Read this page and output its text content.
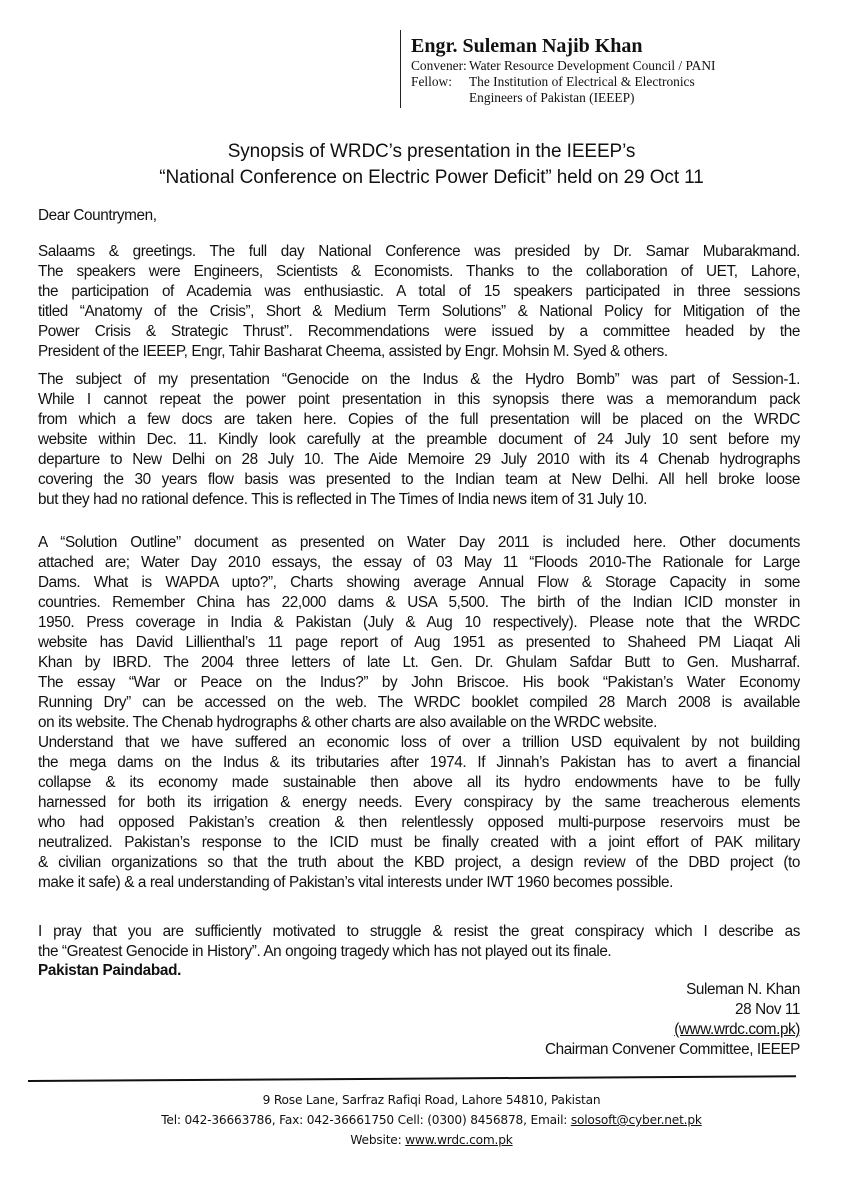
Engr. Suleman Najib Khan
Convener: Water Resource Development Council / PANI
Fellow:	The Institution of Electrical & Electronics
Engineers of Pakistan (IEEEP)
Synopsis of WRDC’s presentation in the IEEEP’s
“National Conference on Electric Power Deficit” held on 29 Oct 11
Dear Countrymen,
Salaams & greetings. The full day National Conference was presided by Dr. Samar Mubarakmand.
The speakers were Engineers, Scientists & Economists. Thanks to the collaboration of UET, Lahore,
the participation of Academia was enthusiastic. A total of 15 speakers participated in three sessions
titled “Anatomy of the Crisis”, Short & Medium Term Solutions” & National Policy for Mitigation of the
Power Crisis & Strategic Thrust”. Recommendations were issued by a committee headed by the
President of the IEEEP, Engr, Tahir Basharat Cheema, assisted by Engr. Mohsin M. Syed & others.
The subject of my presentation “Genocide on the Indus & the Hydro Bomb” was part of Session-1.
While I cannot repeat the power point presentation in this synopsis there was a memorandum pack
from which a few docs are taken here. Copies of the full presentation will be placed on the WRDC
website within Dec. 11. Kindly look carefully at the preamble document of 24 July 10 sent before my
departure to New Delhi on 28 July 10. The Aide Memoire 29 July 2010 with its 4 Chenab hydrographs
covering the 30 years flow basis was presented to the Indian team at New Delhi. All hell broke loose
but they had no rational defence. This is reflected in The Times of India news item of 31 July 10.
A “Solution Outline” document as presented on Water Day 2011 is included here. Other documents
attached are; Water Day 2010 essays, the essay of 03 May 11 “Floods 2010-The Rationale for Large
Dams. What is WAPDA upto?”, Charts showing average Annual Flow & Storage Capacity in some
countries. Remember China has 22,000 dams & USA 5,500. The birth of the Indian ICID monster in
1950. Press coverage in India & Pakistan (July & Aug 10 respectively). Please note that the WRDC
website has David Lillienthal’s 11 page report of Aug 1951 as presented to Shaheed PM Liaqat Ali
Khan by IBRD. The 2004 three letters of late Lt. Gen. Dr. Ghulam Safdar Butt to Gen. Musharraf.
The essay “War or Peace on the Indus?” by John Briscoe. His book “Pakistan’s Water Economy
Running Dry” can be accessed on the web. The WRDC booklet compiled 28 March 2008 is available
on its website. The Chenab hydrographs & other charts are also available on the WRDC website.
Understand that we have suffered an economic loss of over a trillion USD equivalent by not building
the mega dams on the Indus & its tributaries after 1974. If Jinnah’s Pakistan has to avert a financial
collapse & its economy made sustainable then above all its hydro endowments have to be fully
harnessed for both its irrigation & energy needs. Every conspiracy by the same treacherous elements
who had opposed Pakistan’s creation & then relentlessly opposed multi-purpose reservoirs must be
neutralized. Pakistan’s response to the ICID must be finally created with a joint effort of PAK military
& civilian organizations so that the truth about the KBD project, a design review of the DBD project (to
make it safe) & a real understanding of Pakistan’s vital interests under IWT 1960 becomes possible.
I pray that you are sufficiently motivated to struggle & resist the great conspiracy which I describe as
the “Greatest Genocide in History”. An ongoing tragedy which has not played out its finale.
Pakistan Paindabad.
Suleman N. Khan
28 Nov 11
(www.wrdc.com.pk)
Chairman Convener Committee, IEEEP
9 Rose Lane, Sarfraz Rafiqi Road, Lahore 54810, Pakistan
Tel: 042-36663786, Fax: 042-36661750 Cell: (0300) 8456878, Email: solosoft@cyber.net.pk
Website: www.wrdc.com.pk
